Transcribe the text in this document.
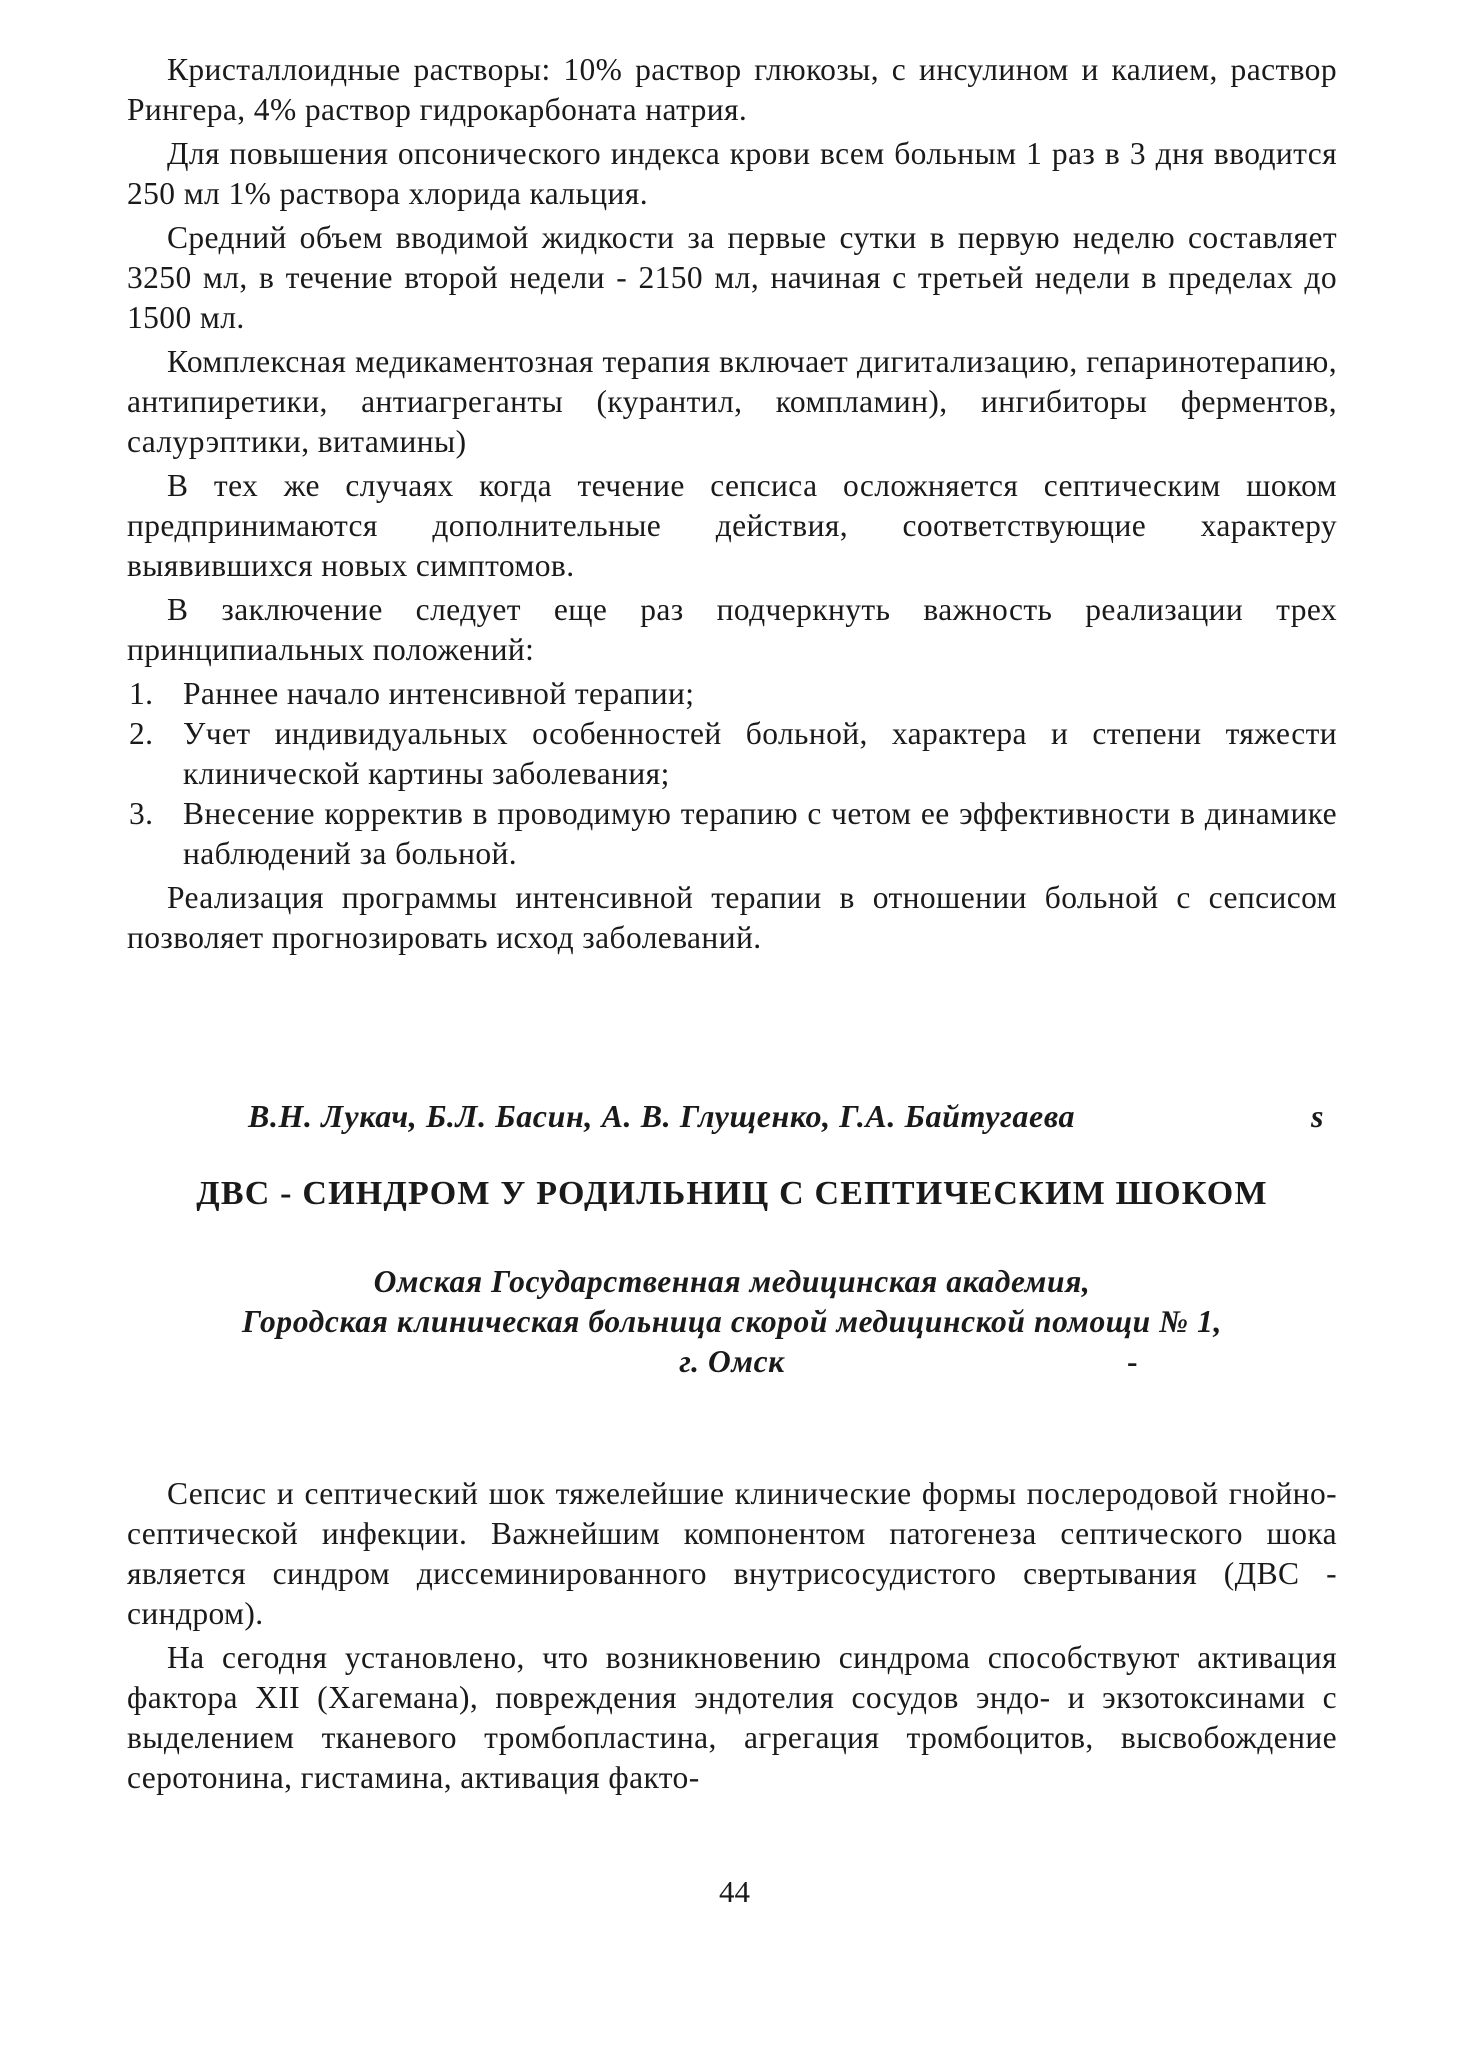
Кристаллоидные растворы: 10% раствор глюкозы, с инсулином и калием, раствор Рингера, 4% раствор гидрокарбоната натрия.

Для повышения опсонического индекса крови всем больным 1 раз в 3 дня вводится 250 мл 1% раствора хлорида кальция.

Средний объем вводимой жидкости за первые сутки в первую неделю составляет 3250 мл, в течение второй недели - 2150 мл, начиная с третьей недели в пределах до 1500 мл.

Комплексная медикаментозная терапия включает дигитализацию, гепаринотерапию, антипиретики, антиагреганты (курантил, компламин), ингибиторы ферментов, салурэптики, витамины)

В тех же случаях когда течение сепсиса осложняется септическим шоком предпринимаются дополнительные действия, соответствующие характеру выявившихся новых симптомов.

В заключение следует еще раз подчеркнуть важность реализации трех принципиальных положений:

1. Раннее начало интенсивной терапии;
2. Учет индивидуальных особенностей больной, характера и степени тяжести клинической картины заболевания;
3. Внесение корректив в проводимую терапию с четом ее эффективности в динамике наблюдений за больной.

Реализация программы интенсивной терапии в отношении больной с сепсисом позволяет прогнозировать исход заболеваний.

В.Н. Лукач, Б.Л. Басин, А. В. Глущенко, Г.А. Байтугаева	s
ДВС - СИНДРОМ У РОДИЛЬНИЦ С СЕПТИЧЕСКИМ ШОКОМ
Омская Государственная медицинская академия,
Городская клиническая больница скорой медицинской помощи № 1,
г. Омск	-

Сепсис и септический шок тяжелейшие клинические формы послеродовой гнойно-септической инфекции. Важнейшим компонентом патогенеза септического шока является синдром диссеминированного внутрисосудистого свертывания (ДВС - синдром).

На сегодня установлено, что возникновению синдрома способствуют активация фактора XII (Хагемана), повреждения эндотелия сосудов эндо- и экзотоксинами с выделением тканевого тромбопластина, агрегация тромбоцитов, высвобождение серотонина, гистамина, активация факто-

44
